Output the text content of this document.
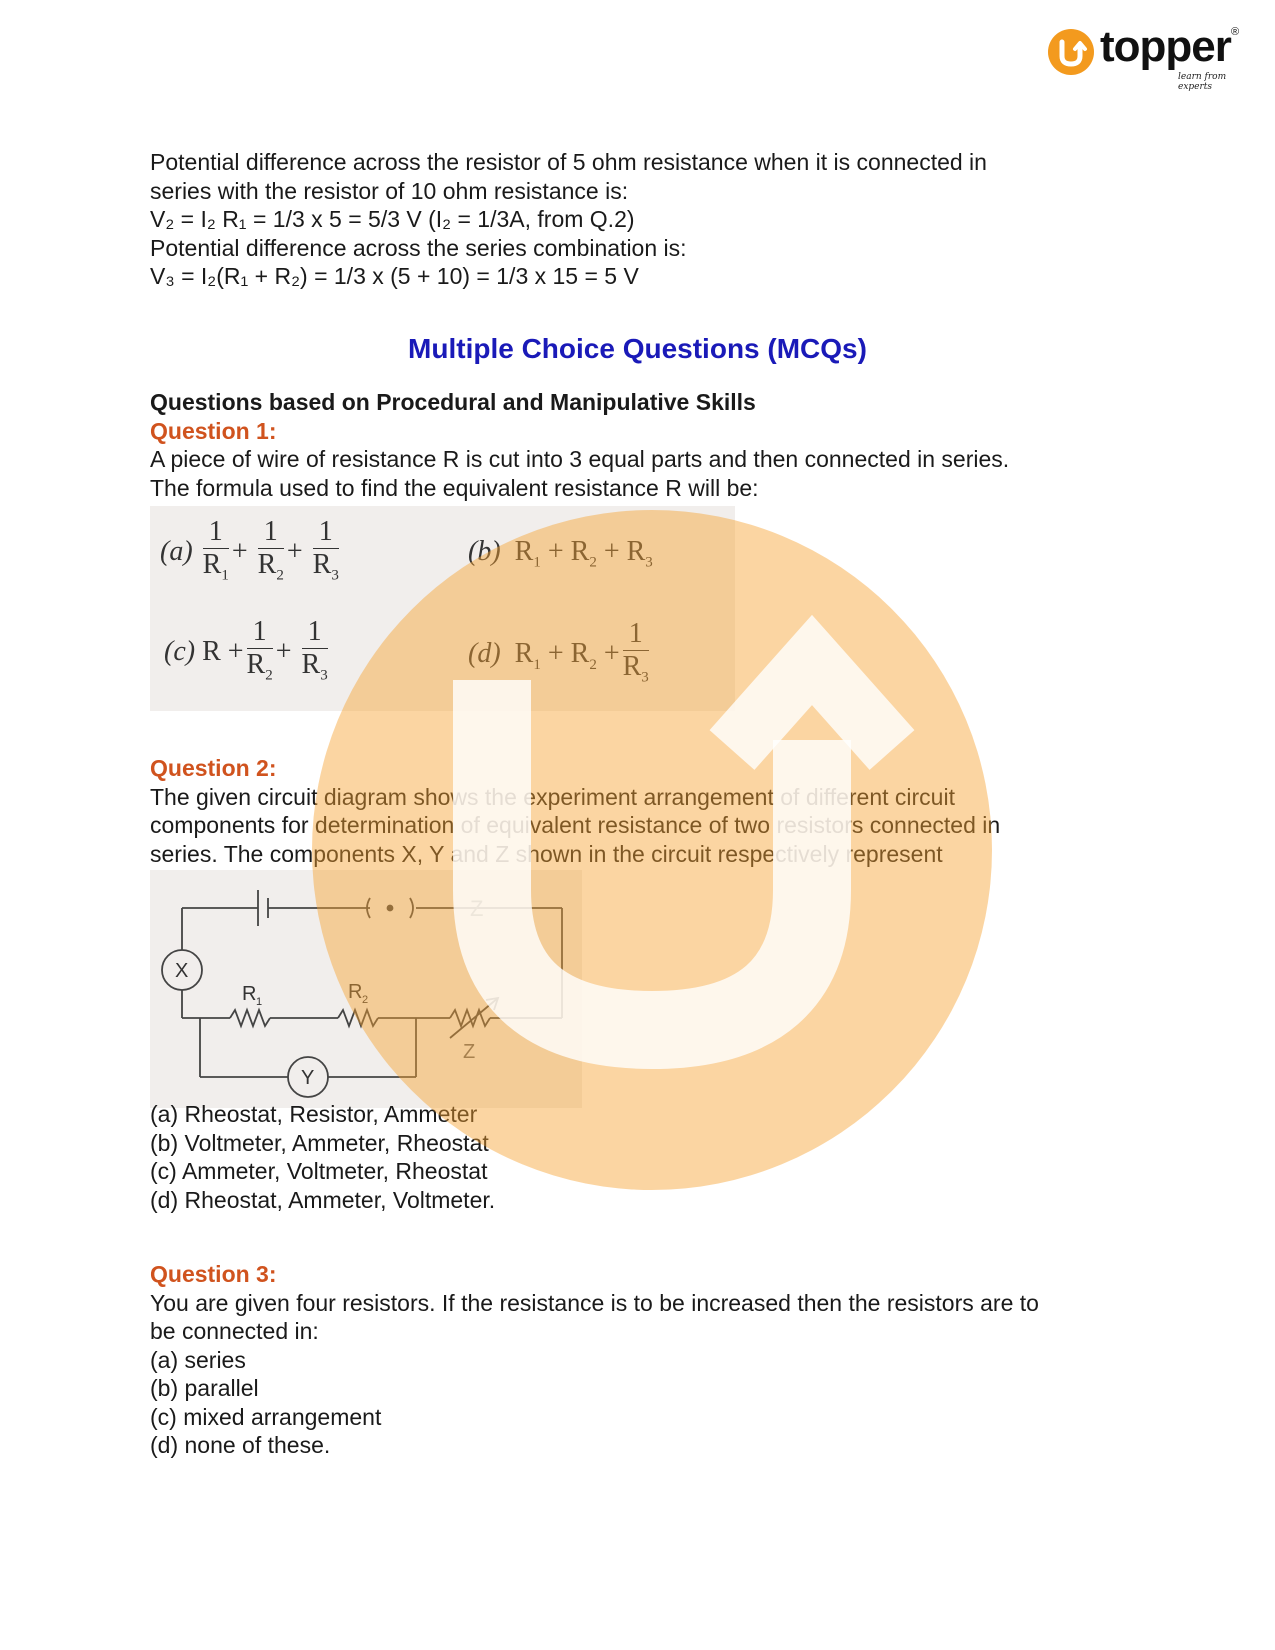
topper ®
learn from experts
Potential difference across the resistor of 5 ohm resistance when it is connected in
series with the resistor of 10 ohm resistance is:
V₂ = I₂ R₁ = 1/3 x 5 = 5/3 V (I₂ = 1/3A, from Q.2)
Potential difference across the series combination is:
V₃ = I₂(R₁ + R₂) = 1/3 x (5 + 10) = 1/3 x 15 = 5 V
Multiple Choice Questions (MCQs)
Questions based on Procedural and Manipulative Skills
Question 1:
A piece of wire of resistance R is cut into 3 equal parts and then connected in series.
The formula used to find the equivalent resistance R will be:
$(a) \frac{1}{R_1} + \frac{1}{R_2} + \frac{1}{R_3}$	(b)  $R_1 + R_2 + R_3$
(c) $R + \frac{1}{R_2} + \frac{1}{R_3}$	(d)  $R_1 + R_2 + \frac{1}{R_3}$
Question 2:
The given circuit diagram shows the experiment arrangement of different circuit
components for determination of equivalent resistance of two resistors connected in
series. The components X, Y and Z shown in the circuit respectively represent
X
Y
Z
Z
R 1	R 2
(a) Rheostat, Resistor, Ammeter
(b) Voltmeter, Ammeter, Rheostat
(c) Ammeter, Voltmeter, Rheostat
(d) Rheostat, Ammeter, Voltmeter.
Question 3:
You are given four resistors. If the resistance is to be increased then the resistors are to
be connected in:
(a) series
(b) parallel
(c) mixed arrangement
(d) none of these.
